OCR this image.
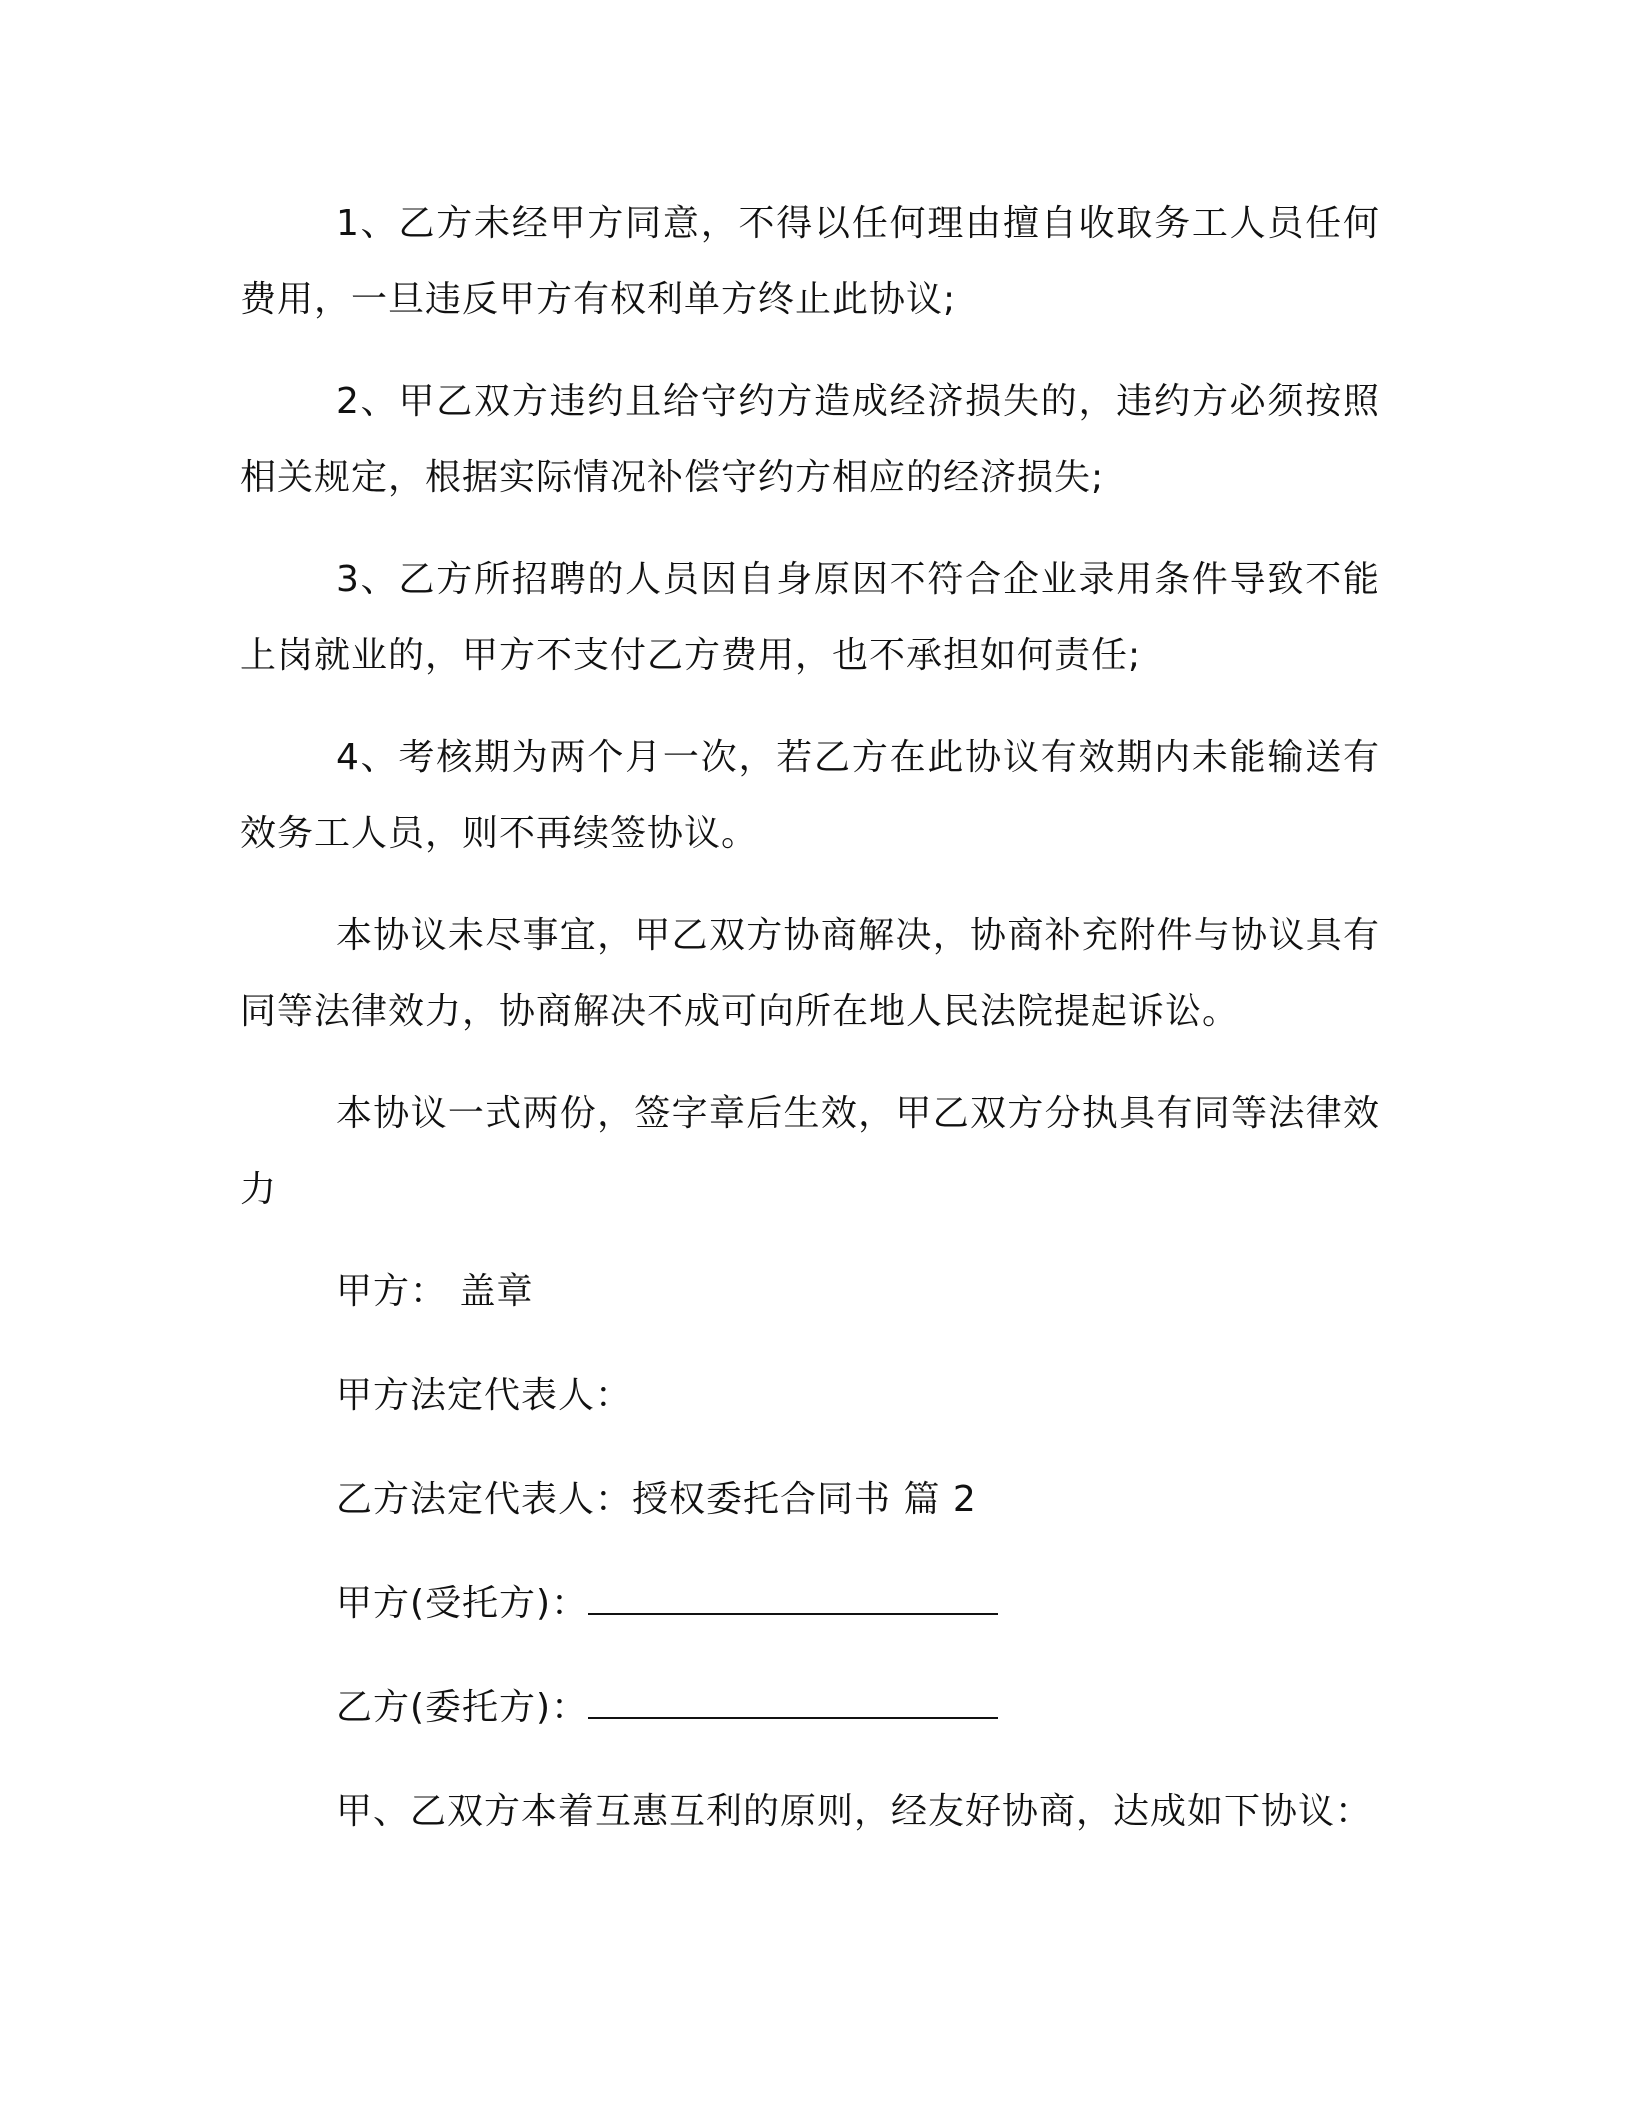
1、乙方未经甲方同意，不得以任何理由擅自收取务工人员任何费用，一旦违反甲方有权利单方终止此协议;

2、甲乙双方违约且给守约方造成经济损失的，违约方必须按照相关规定，根据实际情况补偿守约方相应的经济损失;

3、乙方所招聘的人员因自身原因不符合企业录用条件导致不能上岗就业的，甲方不支付乙方费用，也不承担如何责任;

4、考核期为两个月一次，若乙方在此协议有效期内未能输送有效务工人员，则不再续签协议。

本协议未尽事宜，甲乙双方协商解决，协商补充附件与协议具有同等法律效力，协商解决不成可向所在地人民法院提起诉讼。

本协议一式两份，签字章后生效，甲乙双方分执具有同等法律效力

甲方： 盖章
甲方法定代表人：
乙方法定代表人：授权委托合同书 篇 2
甲方(受托方)：
乙方(委托方)：
甲、乙双方本着互惠互利的原则，经友好协商，达成如下协议：
